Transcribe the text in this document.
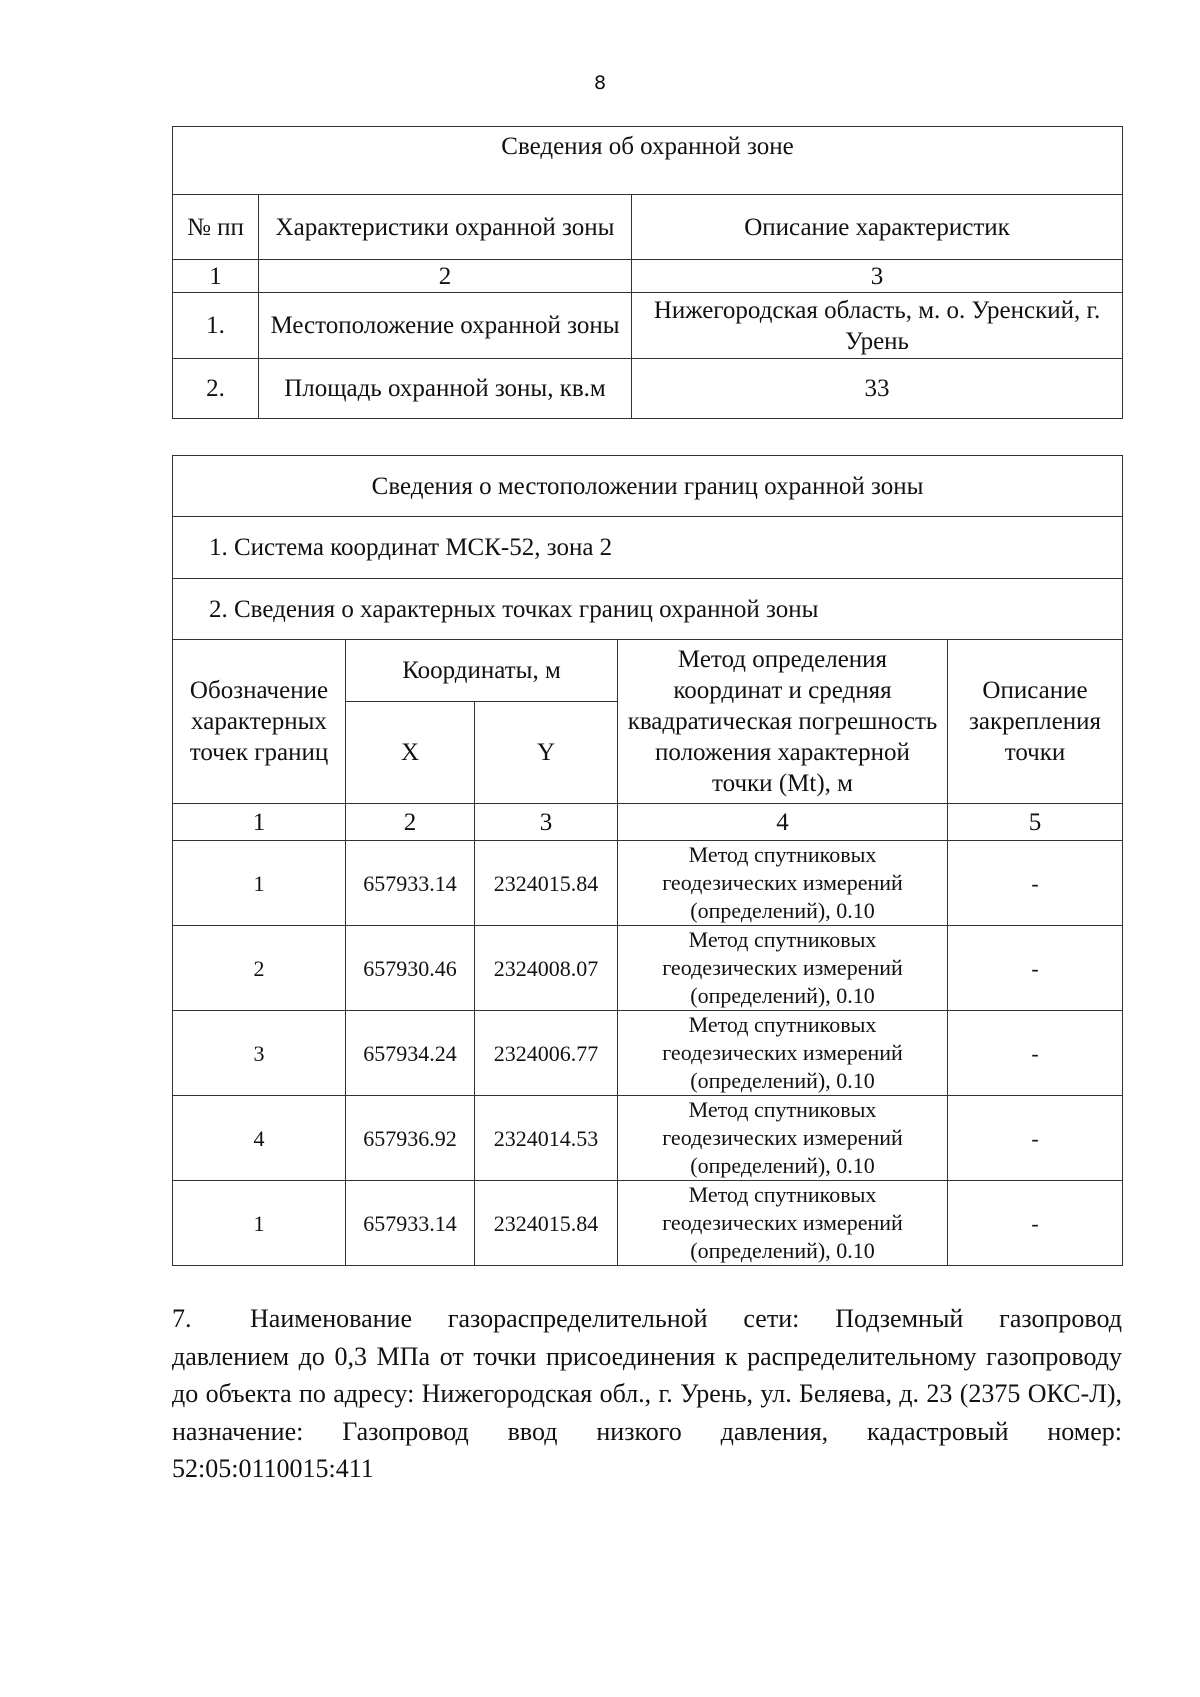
8
Сведения об охранной зоне		
№ пп	Характеристики охранной зоны	Описание характеристик
1	2	3
1.	Местоположение охранной зоны	Нижегородская область, м. о. Уренский, г. Урень
2.	Площадь охранной зоны, кв.м	33
Сведения о местоположении границ охранной зоны				
1. Система координат МСК-52, зона 2				
2. Сведения о характерных точках границ охранной зоны				
Обозначение характерных точек границ	Координаты, м		Метод определения координат и средняя квадратическая погрешность положения характерной точки (Mt), м	Описание закрепления точки
	X	Y		
1	2	3	4	5
1	657933.14	2324015.84	Метод спутниковых геодезических измерений (определений), 0.10	-
2	657930.46	2324008.07	Метод спутниковых геодезических измерений (определений), 0.10	-
3	657934.24	2324006.77	Метод спутниковых геодезических измерений (определений), 0.10	-
4	657936.92	2324014.53	Метод спутниковых геодезических измерений (определений), 0.10	-
1	657933.14	2324015.84	Метод спутниковых геодезических измерений (определений), 0.10	-
7. Наименование газораспределительной сети: Подземный газопровод давлением до 0,3 МПа от точки присоединения к распределительному газопроводу до объекта по адресу: Нижегородская обл., г. Урень, ул. Беляева, д. 23 (2375 ОКС-Л), назначение: Газопровод ввод низкого давления, кадастровый номер: 52:05:0110015:411
